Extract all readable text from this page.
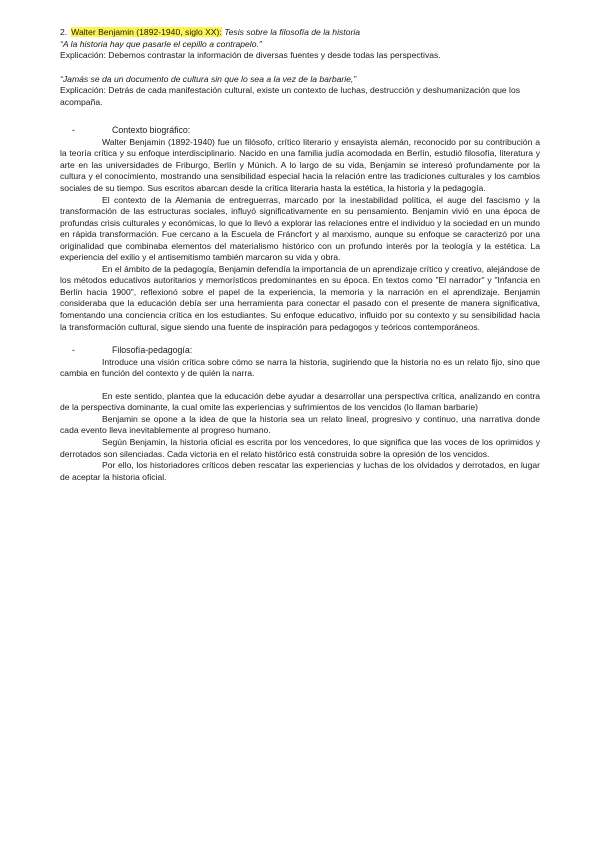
2. Walter Benjamin (1892-1940, siglo XX): Tesis sobre la filosofía de la historia
“A la historia hay que pasarle el cepillo a contrapelo.”
Explicación: Debemos contrastar la información de diversas fuentes y desde todas las perspectivas.
“Jamás se da un documento de cultura sin que lo sea a la vez de la barbarie,”
Explicación: Detrás de cada manifestación cultural, existe un contexto de luchas, destrucción y deshumanización que los acompaña.
-	Contexto biográfico:

Walter Benjamin (1892-1940) fue un filósofo, crítico literario y ensayista alemán, reconocido por su contribución a la teoría crítica y su enfoque interdisciplinario. Nacido en una familia judía acomodada en Berlín, estudió filosofía, literatura y arte en las universidades de Friburgo, Berlín y Múnich. A lo largo de su vida, Benjamin se interesó profundamente por la cultura y el conocimiento, mostrando una sensibilidad especial hacia la relación entre las tradiciones culturales y los cambios sociales de su tiempo. Sus escritos abarcan desde la crítica literaria hasta la estética, la historia y la pedagogía.

El contexto de la Alemania de entreguerras, marcado por la inestabilidad política, el auge del fascismo y la transformación de las estructuras sociales, influyó significativamente en su pensamiento. Benjamin vivió en una época de profundas crisis culturales y económicas, lo que lo llevó a explorar las relaciones entre el individuo y la sociedad en un mundo en rápida transformación. Fue cercano a la Escuela de Fráncfort y al marxismo, aunque su enfoque se caracterizó por una originalidad que combinaba elementos del materialismo histórico con un profundo interés por la teología y la estética. La experiencia del exilio y el antisemitismo también marcaron su vida y obra.

En el ámbito de la pedagogía, Benjamin defendía la importancia de un aprendizaje crítico y creativo, alejándose de los métodos educativos autoritarios y memorísticos predominantes en su época. En textos como "El narrador" y "Infancia en Berlín hacia 1900", reflexionó sobre el papel de la experiencia, la memoria y la narración en el aprendizaje. Benjamin consideraba que la educación debía ser una herramienta para conectar el pasado con el presente de manera significativa, fomentando una conciencia crítica en los estudiantes. Su enfoque educativo, influido por su contexto y su sensibilidad hacia la transformación cultural, sigue siendo una fuente de inspiración para pedagogos y teóricos contemporáneos.

-	Filosofía-pedagogía:

Introduce una visión crítica sobre cómo se narra la historia, sugiriendo que la historia no es un relato fijo, sino que cambia en función del contexto y de quién la narra.

En este sentido, plantea que la educación debe ayudar a desarrollar una perspectiva crítica, analizando en contra de la perspectiva dominante, la cual omite las experiencias y sufrimientos de los vencidos (lo llaman barbarie)

Benjamin se opone a la idea de que la historia sea un relato lineal, progresivo y continuo, una narrativa donde cada evento lleva inevitablemente al progreso humano.

Según Benjamin, la historia oficial es escrita por los vencedores, lo que significa que las voces de los oprimidos y derrotados son silenciadas. Cada victoria en el relato histórico está construida sobre la opresión de los vencidos.

Por ello, los historiadores críticos deben rescatar las experiencias y luchas de los olvidados y derrotados, en lugar de aceptar la historia oficial.
